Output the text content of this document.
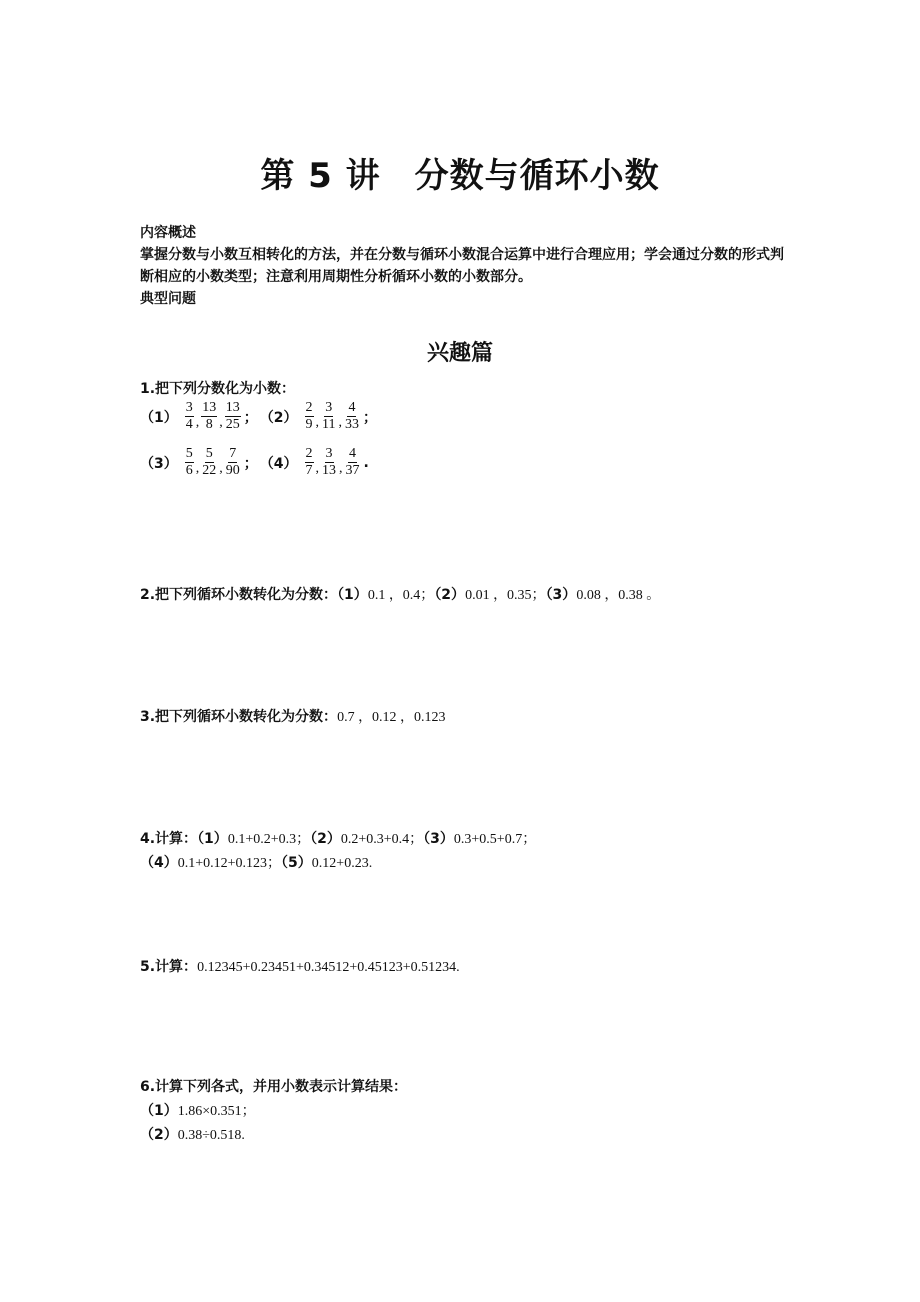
第 5 讲 分数与循环小数
内容概述
掌握分数与小数互相转化的方法，并在分数与循环小数混合运算中进行合理应用；学会通过分数的形式判断相应的小数类型；注意利用周期性分析循环小数的小数部分。
典型问题
兴趣篇
1.把下列分数化为小数：
$(1) \frac{3}{4}$ , $\frac{13}{8}$ , $\frac{13}{25}$ ； $(2) \frac{2}{9}$ , $\frac{3}{11}$ , $\frac{4}{33}$ ；
$(3) \frac{5}{6}$ , $\frac{5}{22}$ , $\frac{7}{90}$ ； $(4) \frac{2}{7}$ , $\frac{3}{13}$ , $\frac{4}{37}$ .
2.把下列循环小数转化为分数：（1）0.1 ，0.4；（2）0.01 ，0.35；（3）0.08 ，0.38 。
3.把下列循环小数转化为分数：0.7 ，0.12 ，0.123
4.计算：（1）0.1+0.2+0.3；（2）0.2+0.3+0.4；（3）0.3+0.5+0.7；
（4）0.1+0.12+0.123；（5）0.12+0.23.
5.计算：0.12345+0.23451+0.34512+0.45123+0.51234.
6.计算下列各式，并用小数表示计算结果：
（1）1.86×0.351；
（2）0.38÷0.518.
